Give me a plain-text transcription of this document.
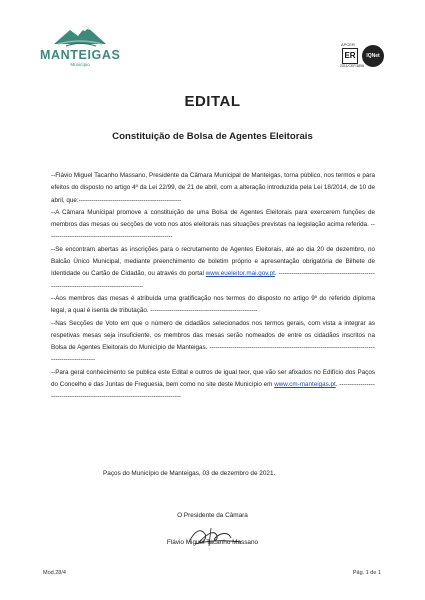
MANTEIGAS
Município
APCER
ER
2011/CEP.3856
IQNet
EDITAL
Constituição de Bolsa de Agentes Eleitorais

--Flávio Miguel Tacanho Massano, Presidente da Câmara Municipal de Manteigas, torna público, nos termos e para efeitos do disposto no artigo 4º da Lei 22/99, de 21 de abril, com a alteração introduzida pela Lei 18/2014, de 10 de abril, que:-------------------------------------------------

--A Câmara Municipal promove a constituição de uma Bolsa de Agentes Eleitorais para exercerem funções de membros das mesas ou secções de voto nos atos eleitorais nas situações previstas na legislação acima referida. ------------------------------------------------------------

--Se encontram abertas as inscrições para o recrutamento de Agentes Eleitorais, até ao dia 20 de dezembro, no Balcão Único Municipal, mediante preenchimento de boletim próprio e apresentação obrigatória de Bilhete de Identidade ou Cartão de Cidadão, ou através do portal www.eueleitor.mai.gov.pt. ------------------------------------------------------------------------------------------

--Aos membros das mesas é atribuída uma gratificação nos termos do disposto no artigo 9º do referido diploma legal, a qual é isenta de tributação. ---------------------------------------------------

--Nas Secções de Voto em que o número de cidadãos selecionados nos termos gerais, com vista a integrar as respetivas mesas seja insuficiente, os membros das mesas serão nomeados de entre os cidadãos inscritos na Bolsa de Agentes Eleitorais do Município de Manteigas. ----------------------------------------------------------------------------------------------------

--Para geral conhecimento se publica este Edital e outros de igual teor, que vão ser afixados no Edifício dos Paços do Concelho e das Juntas de Freguesia, bem como no site deste Município em www.cm-manteigas.pt. -------------------------------------------------------------------------------

Paços do Município de Manteigas, 03 de dezembro de 2021.
O Presidente da Câmara
Flávio Miguel Tacanho Massano
Mod.28/4	Pág. 1 de 1
